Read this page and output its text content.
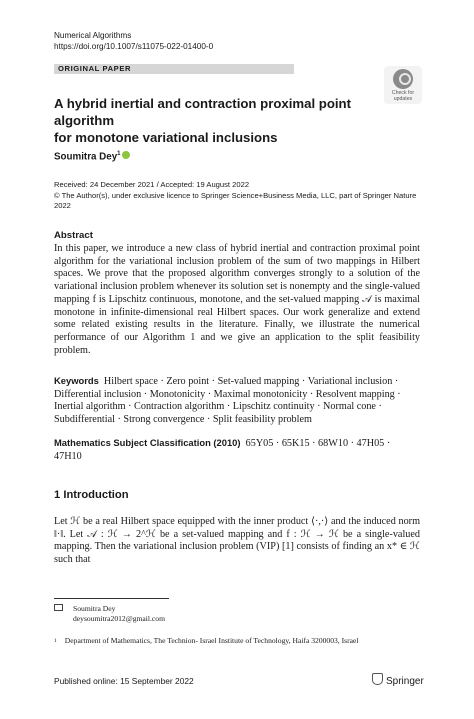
Numerical Algorithms
https://doi.org/10.1007/s11075-022-01400-0
ORIGINAL PAPER
Check for
updates
A hybrid inertial and contraction proximal point algorithm
for monotone variational inclusions
Soumitra Dey$^1$
Received: 24 December 2021 / Accepted: 19 August 2022
© The Author(s), under exclusive licence to Springer Science+Business Media, LLC, part of Springer Nature 2022
Abstract
In this paper, we introduce a new class of hybrid inertial and contraction proximal point algorithm for the variational inclusion problem of the sum of two mappings in Hilbert spaces. We prove that the proposed algorithm converges strongly to a solution of the variational inclusion problem whenever its solution set is nonempty and the single-valued mapping f is Lipschitz continuous, monotone, and the set-valued mapping 𝒜 is maximal monotone in infinite-dimensional real Hilbert spaces. Our work generalize and extend some related existing results in the literature. Finally, we illustrate the numerical performance of our Algorithm 1 and we give an application to the split feasibility problem.
Keywords Hilbert space · Zero point · Set-valued mapping · Variational inclusion · Differential inclusion · Monotonicity · Maximal monotonicity · Resolvent mapping · Inertial algorithm · Contraction algorithm · Lipschitz continuity · Normal cone · Subdifferential · Strong convergence · Split feasibility problem
Mathematics Subject Classification (2010) 65Y05 · 65K15 · 68W10 · 47H05 · 47H10
1 Introduction
Let ℋ be a real Hilbert space equipped with the inner product ⟨·,·⟩ and the induced norm ‖·‖. Let 𝒜 : ℋ → 2^ℋ be a set-valued mapping and f : ℋ → ℋ be a single-valued mapping. Then the variational inclusion problem (VIP) [1] consists of finding an x* ∈ ℋ such that
Soumitra Dey
deysoumitra2012@gmail.com
$^1$ Department of Mathematics, The Technion- Israel Institute of Technology, Haifa 3200003, Israel
Published online: 15 September 2022	Springer
